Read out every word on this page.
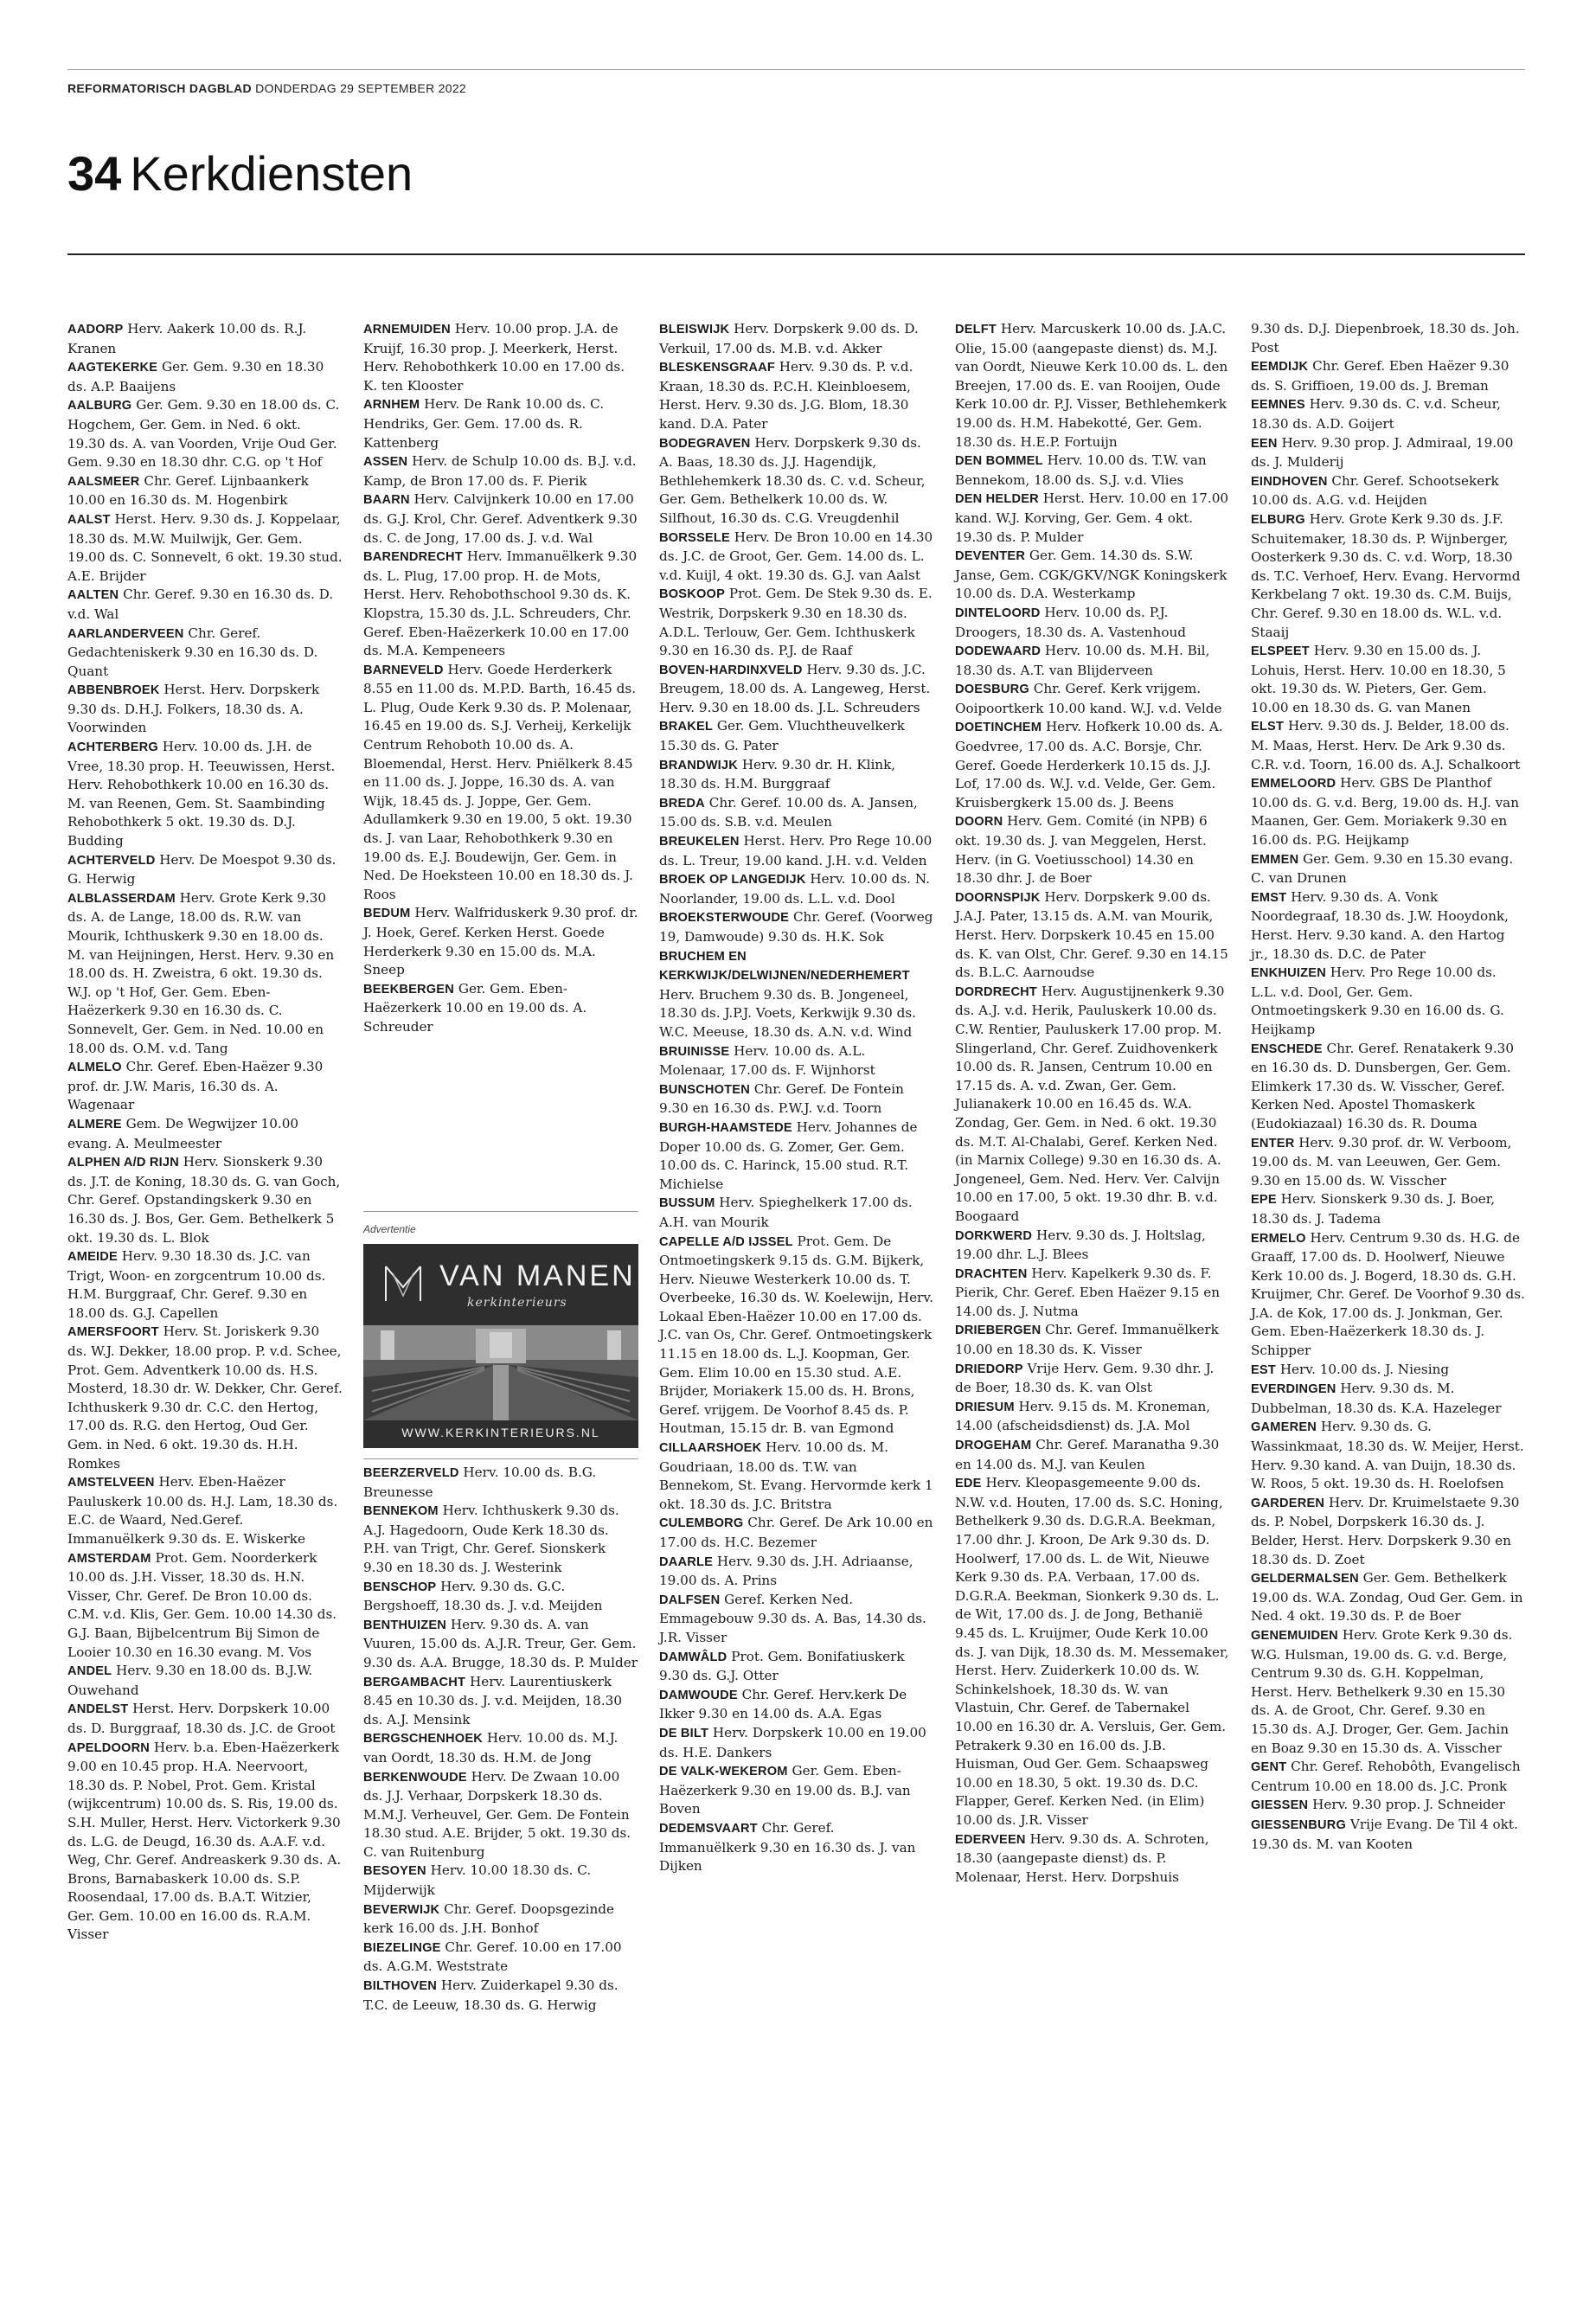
REFORMATORISCH DAGBLAD DONDERDAG 29 SEPTEMBER 2022
34 Kerkdiensten

AADORP Herv. Aakerk 10.00 ds. R.J. Kranen

AAGTEKERKE Ger. Gem. 9.30 en 18.30 ds. A.P. Baaijens

AALBURG Ger. Gem. 9.30 en 18.00 ds. C. Hogchem, Ger. Gem. in Ned. 6 okt. 19.30 ds. A. van Voorden, Vrije Oud Ger. Gem. 9.30 en 18.30 dhr. C.G. op 't Hof

AALSMEER Chr. Geref. Lijnbaankerk 10.00 en 16.30 ds. M. Hogenbirk

AALST Herst. Herv. 9.30 ds. J. Koppelaar, 18.30 ds. M.W. Muilwijk, Ger. Gem. 19.00 ds. C. Sonnevelt, 6 okt. 19.30 stud. A.E. Brijder

AALTEN Chr. Geref. 9.30 en 16.30 ds. D. v.d. Wal

AARLANDERVEEN Chr. Geref. Gedachteniskerk 9.30 en 16.30 ds. D. Quant

ABBENBROEK Herst. Herv. Dorpskerk 9.30 ds. D.H.J. Folkers, 18.30 ds. A. Voorwinden

ACHTERBERG Herv. 10.00 ds. J.H. de Vree, 18.30 prop. H. Teeuwissen, Herst. Herv. Rehobothkerk 10.00 en 16.30 ds. M. van Reenen, Gem. St. Saambinding Rehobothkerk 5 okt. 19.30 ds. D.J. Budding

ACHTERVELD Herv. De Moespot 9.30 ds. G. Herwig

ALBLASSERDAM Herv. Grote Kerk 9.30 ds. A. de Lange, 18.00 ds. R.W. van Mourik, Ichthuskerk 9.30 en 18.00 ds. M. van Heijningen, Herst. Herv. 9.30 en 18.00 ds. H. Zweistra, 6 okt. 19.30 ds. W.J. op 't Hof, Ger. Gem. Eben-Haëzerkerk 9.30 en 16.30 ds. C. Sonnevelt, Ger. Gem. in Ned. 10.00 en 18.00 ds. O.M. v.d. Tang

ALMELO Chr. Geref. Eben-Haëzer 9.30 prof. dr. J.W. Maris, 16.30 ds. A. Wagenaar

ALMERE Gem. De Wegwijzer 10.00 evang. A. Meulmeester

ALPHEN A/D RIJN Herv. Sionskerk 9.30 ds. J.T. de Koning, 18.30 ds. G. van Goch, Chr. Geref. Opstandingskerk 9.30 en 16.30 ds. J. Bos, Ger. Gem. Bethelkerk 5 okt. 19.30 ds. L. Blok

AMEIDE Herv. 9.30 18.30 ds. J.C. van Trigt, Woon- en zorgcentrum 10.00 ds. H.M. Burggraaf, Chr. Geref. 9.30 en 18.00 ds. G.J. Capellen

AMERSFOORT Herv. St. Joriskerk 9.30 ds. W.J. Dekker, 18.00 prop. P. v.d. Schee, Prot. Gem. Adventkerk 10.00 ds. H.S. Mosterd, 18.30 dr. W. Dekker, Chr. Geref. Ichthuskerk 9.30 dr. C.C. den Hertog, 17.00 ds. R.G. den Hertog, Oud Ger. Gem. in Ned. 6 okt. 19.30 ds. H.H. Romkes

AMSTELVEEN Herv. Eben-Haëzer Pauluskerk 10.00 ds. H.J. Lam, 18.30 ds. E.C. de Waard, Ned.Geref. Immanuëlkerk 9.30 ds. E. Wiskerke

AMSTERDAM Prot. Gem. Noorderkerk 10.00 ds. J.H. Visser, 18.30 ds. H.N. Visser, Chr. Geref. De Bron 10.00 ds. C.M. v.d. Klis, Ger. Gem. 10.00 14.30 ds. G.J. Baan, Bijbelcentrum Bij Simon de Looier 10.30 en 16.30 evang. M. Vos

ANDEL Herv. 9.30 en 18.00 ds. B.J.W. Ouwehand

ANDELST Herst. Herv. Dorpskerk 10.00 ds. D. Burggraaf, 18.30 ds. J.C. de Groot

APELDOORN Herv. b.a. Eben-Haëzerkerk 9.00 en 10.45 prop. H.A. Neervoort, 18.30 ds. P. Nobel, Prot. Gem. Kristal (wijkcentrum) 10.00 ds. S. Ris, 19.00 ds. S.H. Muller, Herst. Herv. Victorkerk 9.30 ds. L.G. de Deugd, 16.30 ds. A.A.F. v.d. Weg, Chr. Geref. Andreaskerk 9.30 ds. A. Brons, Barnabaskerk 10.00 ds. S.P. Roosendaal, 17.00 ds. B.A.T. Witzier, Ger. Gem. 10.00 en 16.00 ds. R.A.M. Visser

ARNEMUIDEN Herv. 10.00 prop. J.A. de Kruijf, 16.30 prop. J. Meerkerk, Herst. Herv. Rehobothkerk 10.00 en 17.00 ds. K. ten Klooster

ARNHEM Herv. De Rank 10.00 ds. C. Hendriks, Ger. Gem. 17.00 ds. R. Kattenberg

ASSEN Herv. de Schulp 10.00 ds. B.J. v.d. Kamp, de Bron 17.00 ds. F. Pierik

BAARN Herv. Calvijnkerk 10.00 en 17.00 ds. G.J. Krol, Chr. Geref. Adventkerk 9.30 ds. C. de Jong, 17.00 ds. J. v.d. Wal

BARENDRECHT Herv. Immanuëlkerk 9.30 ds. L. Plug, 17.00 prop. H. de Mots, Herst. Herv. Rehobothschool 9.30 ds. K. Klopstra, 15.30 ds. J.L. Schreuders, Chr. Geref. Eben-Haëzerkerk 10.00 en 17.00 ds. M.A. Kempeneers

BARNEVELD Herv. Goede Herderkerk 8.55 en 11.00 ds. M.P.D. Barth, 16.45 ds. L. Plug, Oude Kerk 9.30 ds. P. Molenaar, 16.45 en 19.00 ds. S.J. Verheij, Kerkelijk Centrum Rehoboth 10.00 ds. A. Bloemendal, Herst. Herv. Pniëlkerk 8.45 en 11.00 ds. J. Joppe, 16.30 ds. A. van Wijk, 18.45 ds. J. Joppe, Ger. Gem. Adullamkerk 9.30 en 19.00, 5 okt. 19.30 ds. J. van Laar, Rehobothkerk 9.30 en 19.00 ds. E.J. Boudewijn, Ger. Gem. in Ned. De Hoeksteen 10.00 en 18.30 ds. J. Roos

BEDUM Herv. Walfriduskerk 9.30 prof. dr. J. Hoek, Geref. Kerken Herst. Goede Herderkerk 9.30 en 15.00 ds. M.A. Sneep

BEEKBERGEN Ger. Gem. Eben-Haëzerkerk 10.00 en 19.00 ds. A. Schreuder

BLEISWIJK Herv. Dorpskerk 9.00 ds. D. Verkuil, 17.00 ds. M.B. v.d. Akker

BLESKENSGRAAF Herv. 9.30 ds. P. v.d. Kraan, 18.30 ds. P.C.H. Kleinbloesem, Herst. Herv. 9.30 ds. J.G. Blom, 18.30 kand. D.A. Pater

BODEGRAVEN Herv. Dorpskerk 9.30 ds. A. Baas, 18.30 ds. J.J. Hagendijk, Bethlehemkerk 18.30 ds. C. v.d. Scheur, Ger. Gem. Bethelkerk 10.00 ds. W. Silfhout, 16.30 ds. C.G. Vreugdenhil

BORSSELE Herv. De Bron 10.00 en 14.30 ds. J.C. de Groot, Ger. Gem. 14.00 ds. L. v.d. Kuijl, 4 okt. 19.30 ds. G.J. van Aalst

BOSKOOP Prot. Gem. De Stek 9.30 ds. E. Westrik, Dorpskerk 9.30 en 18.30 ds. A.D.L. Terlouw, Ger. Gem. Ichthuskerk 9.30 en 16.30 ds. P.J. de Raaf

BOVEN-HARDINXVELD Herv. 9.30 ds. J.C. Breugem, 18.00 ds. A. Langeweg, Herst. Herv. 9.30 en 18.00 ds. J.L. Schreuders

BRAKEL Ger. Gem. Vluchtheuvelkerk 15.30 ds. G. Pater

BRANDWIJK Herv. 9.30 dr. H. Klink, 18.30 ds. H.M. Burggraaf

BREDA Chr. Geref. 10.00 ds. A. Jansen, 15.00 ds. S.B. v.d. Meulen

BREUKELEN Herst. Herv. Pro Rege 10.00 ds. L. Treur, 19.00 kand. J.H. v.d. Velden

BROEK OP LANGEDIJK Herv. 10.00 ds. N. Noorlander, 19.00 ds. L.L. v.d. Dool

BROEKSTERWOUDE Chr. Geref. (Voorweg 19, Damwoude) 9.30 ds. H.K. Sok

BRUCHEM EN KERKWIJK/DELWIJNEN/NEDERHEMERT Herv. Bruchem 9.30 ds. B. Jongeneel, 18.30 ds. J.P.J. Voets, Kerkwijk 9.30 ds. W.C. Meeuse, 18.30 ds. A.N. v.d. Wind

BRUINISSE Herv. 10.00 ds. A.L. Molenaar, 17.00 ds. F. Wijnhorst

BUNSCHOTEN Chr. Geref. De Fontein 9.30 en 16.30 ds. P.W.J. v.d. Toorn

BURGH-HAAMSTEDE Herv. Johannes de Doper 10.00 ds. G. Zomer, Ger. Gem. 10.00 ds. C. Harinck, 15.00 stud. R.T. Michielse

BUSSUM Herv. Spieghelkerk 17.00 ds. A.H. van Mourik

CAPELLE A/D IJSSEL Prot. Gem. De Ontmoetingskerk 9.15 ds. G.M. Bijkerk, Herv. Nieuwe Westerkerk 10.00 ds. T. Overbeeke, 16.30 ds. W. Koelewijn, Herv. Lokaal Eben-Haëzer 10.00 en 17.00 ds. J.C. van Os, Chr. Geref. Ontmoetingskerk 11.15 en 18.00 ds. L.J. Koopman, Ger. Gem. Elim 10.00 en 15.30 stud. A.E. Brijder, Moriakerk 15.00 ds. H. Brons, Geref. vrijgem. De Voorhof 8.45 ds. P. Houtman, 15.15 dr. B. van Egmond

CILLAARSHOEK Herv. 10.00 ds. M. Goudriaan, 18.00 ds. T.W. van Bennekom, St. Evang. Hervormde kerk 1 okt. 18.30 ds. J.C. Britstra

CULEMBORG Chr. Geref. De Ark 10.00 en 17.00 ds. H.C. Bezemer

DAARLE Herv. 9.30 ds. J.H. Adriaanse, 19.00 ds. A. Prins

DALFSEN Geref. Kerken Ned. Emmagebouw 9.30 ds. A. Bas, 14.30 ds. J.R. Visser

DAMWÂLD Prot. Gem. Bonifatiuskerk 9.30 ds. G.J. Otter

DAMWOUDE Chr. Geref. Herv.kerk De Ikker 9.30 en 14.00 ds. A.A. Egas

DE BILT Herv. Dorpskerk 10.00 en 19.00 ds. H.E. Dankers

DE VALK-WEKEROM Ger. Gem. Eben-Haëzerkerk 9.30 en 19.00 ds. B.J. van Boven

DEDEMSVAART Chr. Geref. Immanuëlkerk 9.30 en 16.30 ds. J. van Dijken

DELFT Herv. Marcuskerk 10.00 ds. J.A.C. Olie, 15.00 (aangepaste dienst) ds. M.J. van Oordt, Nieuwe Kerk 10.00 ds. L. den Breejen, 17.00 ds. E. van Rooijen, Oude Kerk 10.00 dr. P.J. Visser, Bethlehemkerk 19.00 ds. H.M. Habekotté, Ger. Gem. 18.30 ds. H.E.P. Fortuijn

DEN BOMMEL Herv. 10.00 ds. T.W. van Bennekom, 18.00 ds. S.J. v.d. Vlies

DEN HELDER Herst. Herv. 10.00 en 17.00 kand. W.J. Korving, Ger. Gem. 4 okt. 19.30 ds. P. Mulder

DEVENTER Ger. Gem. 14.30 ds. S.W. Janse, Gem. CGK/GKV/NGK Koningskerk 10.00 ds. D.A. Westerkamp

DINTELOORD Herv. 10.00 ds. P.J. Droogers, 18.30 ds. A. Vastenhoud

DODEWAARD Herv. 10.00 ds. M.H. Bil, 18.30 ds. A.T. van Blijderveen

DOESBURG Chr. Geref. Kerk vrijgem. Ooipoortkerk 10.00 kand. W.J. v.d. Velde

DOETINCHEM Herv. Hofkerk 10.00 ds. A. Goedvree, 17.00 ds. A.C. Borsje, Chr. Geref. Goede Herderkerk 10.15 ds. J.J. Lof, 17.00 ds. W.J. v.d. Velde, Ger. Gem. Kruisbergkerk 15.00 ds. J. Beens

DOORN Herv. Gem. Comité (in NPB) 6 okt. 19.30 ds. J. van Meggelen, Herst. Herv. (in G. Voetiusschool) 14.30 en 18.30 dhr. J. de Boer

DOORNSPIJK Herv. Dorpskerk 9.00 ds. J.A.J. Pater, 13.15 ds. A.M. van Mourik, Herst. Herv. Dorpskerk 10.45 en 15.00 ds. K. van Olst, Chr. Geref. 9.30 en 14.15 ds. B.L.C. Aarnoudse

DORDRECHT Herv. Augustijnenkerk 9.30 ds. A.J. v.d. Herik, Pauluskerk 10.00 ds. C.W. Rentier, Pauluskerk 17.00 prop. M. Slingerland, Chr. Geref. Zuidhovenkerk 10.00 ds. R. Jansen, Centrum 10.00 en 17.15 ds. A. v.d. Zwan, Ger. Gem. Julianakerk 10.00 en 16.45 ds. W.A. Zondag, Ger. Gem. in Ned. 6 okt. 19.30 ds. M.T. Al-Chalabi, Geref. Kerken Ned. (in Marnix College) 9.30 en 16.30 ds. A. Jongeneel, Gem. Ned. Herv. Ver. Calvijn 10.00 en 17.00, 5 okt. 19.30 dhr. B. v.d. Boogaard

DORKWERD Herv. 9.30 ds. J. Holtslag, 19.00 dhr. L.J. Blees

DRACHTEN Herv. Kapelkerk 9.30 ds. F. Pierik, Chr. Geref. Eben Haëzer 9.15 en 14.00 ds. J. Nutma

DRIEBERGEN Chr. Geref. Immanuëlkerk 10.00 en 18.30 ds. K. Visser

DRIEDORP Vrije Herv. Gem. 9.30 dhr. J. de Boer, 18.30 ds. K. van Olst

DRIESUM Herv. 9.15 ds. M. Kroneman, 14.00 (afscheidsdienst) ds. J.A. Mol

DROGEHAM Chr. Geref. Maranatha 9.30 en 14.00 ds. M.J. van Keulen

EDE Herv. Kleopasgemeente 9.00 ds. N.W. v.d. Houten, 17.00 ds. S.C. Honing, Bethelkerk 9.30 ds. D.G.R.A. Beekman, 17.00 dhr. J. Kroon, De Ark 9.30 ds. D. Hoolwerf, 17.00 ds. L. de Wit, Nieuwe Kerk 9.30 ds. P.A. Verbaan, 17.00 ds. D.G.R.A. Beekman, Sionkerk 9.30 ds. L. de Wit, 17.00 ds. J. de Jong, Bethanië 9.45 ds. L. Kruijmer, Oude Kerk 10.00 ds. J. van Dijk, 18.30 ds. M. Messemaker, Herst. Herv. Zuiderkerk 10.00 ds. W. Schinkelshoek, 18.30 ds. W. van Vlastuin, Chr. Geref. de Tabernakel 10.00 en 16.30 dr. A. Versluis, Ger. Gem. Petrakerk 9.30 en 16.00 ds. J.B. Huisman, Oud Ger. Gem. Schaapsweg 10.00 en 18.30, 5 okt. 19.30 ds. D.C. Flapper, Geref. Kerken Ned. (in Elim) 10.00 ds. J.R. Visser

EDERVEEN Herv. 9.30 ds. A. Schroten, 18.30 (aangepaste dienst) ds. P. Molenaar, Herst. Herv. Dorpshuis

9.30 ds. D.J. Diepenbroek, 18.30 ds. Joh. Post

EEMDIJK Chr. Geref. Eben Haëzer 9.30 ds. S. Griffioen, 19.00 ds. J. Breman

EEMNES Herv. 9.30 ds. C. v.d. Scheur, 18.30 ds. A.D. Goijert

EEN Herv. 9.30 prop. J. Admiraal, 19.00 ds. J. Mulderij

EINDHOVEN Chr. Geref. Schootsekerk 10.00 ds. A.G. v.d. Heijden

ELBURG Herv. Grote Kerk 9.30 ds. J.F. Schuitemaker, 18.30 ds. P. Wijnberger, Oosterkerk 9.30 ds. C. v.d. Worp, 18.30 ds. T.C. Verhoef, Herv. Evang. Hervormd Kerkbelang 7 okt. 19.30 ds. C.M. Buijs, Chr. Geref. 9.30 en 18.00 ds. W.L. v.d. Staaij

ELSPEET Herv. 9.30 en 15.00 ds. J. Lohuis, Herst. Herv. 10.00 en 18.30, 5 okt. 19.30 ds. W. Pieters, Ger. Gem. 10.00 en 18.30 ds. G. van Manen

ELST Herv. 9.30 ds. J. Belder, 18.00 ds. M. Maas, Herst. Herv. De Ark 9.30 ds. C.R. v.d. Toorn, 16.00 ds. A.J. Schalkoort

EMMELOORD Herv. GBS De Planthof 10.00 ds. G. v.d. Berg, 19.00 ds. H.J. van Maanen, Ger. Gem. Moriakerk 9.30 en 16.00 ds. P.G. Heijkamp

EMMEN Ger. Gem. 9.30 en 15.30 evang. C. van Drunen

EMST Herv. 9.30 ds. A. Vonk Noordegraaf, 18.30 ds. J.W. Hooydonk, Herst. Herv. 9.30 kand. A. den Hartog jr., 18.30 ds. D.C. de Pater

ENKHUIZEN Herv. Pro Rege 10.00 ds. L.L. v.d. Dool, Ger. Gem. Ontmoetingskerk 9.30 en 16.00 ds. G. Heijkamp

ENSCHEDE Chr. Geref. Renatakerk 9.30 en 16.30 ds. D. Dunsbergen, Ger. Gem. Elimkerk 17.30 ds. W. Visscher, Geref. Kerken Ned. Apostel Thomaskerk (Eudokiazaal) 16.30 ds. R. Douma

ENTER Herv. 9.30 prof. dr. W. Verboom, 19.00 ds. M. van Leeuwen, Ger. Gem. 9.30 en 15.00 ds. W. Visscher

EPE Herv. Sionskerk 9.30 ds. J. Boer, 18.30 ds. J. Tadema

ERMELO Herv. Centrum 9.30 ds. H.G. de Graaff, 17.00 ds. D. Hoolwerf, Nieuwe Kerk 10.00 ds. J. Bogerd, 18.30 ds. G.H. Kruijmer, Chr. Geref. De Voorhof 9.30 ds. J.A. de Kok, 17.00 ds. J. Jonkman, Ger. Gem. Eben-Haëzerkerk 18.30 ds. J. Schipper

EST Herv. 10.00 ds. J. Niesing

EVERDINGEN Herv. 9.30 ds. M. Dubbelman, 18.30 ds. K.A. Hazeleger

GAMEREN Herv. 9.30 ds. G. Wassinkmaat, 18.30 ds. W. Meijer, Herst. Herv. 9.30 kand. A. van Duijn, 18.30 ds. W. Roos, 5 okt. 19.30 ds. H. Roelofsen

GARDEREN Herv. Dr. Kruimelstaete 9.30 ds. P. Nobel, Dorpskerk 16.30 ds. J. Belder, Herst. Herv. Dorpskerk 9.30 en 18.30 ds. D. Zoet

GELDERMALSEN Ger. Gem. Bethelkerk 19.00 ds. W.A. Zondag, Oud Ger. Gem. in Ned. 4 okt. 19.30 ds. P. de Boer

GENEMUIDEN Herv. Grote Kerk 9.30 ds. W.G. Hulsman, 19.00 ds. G. v.d. Berge, Centrum 9.30 ds. G.H. Koppelman, Herst. Herv. Bethelkerk 9.30 en 15.30 ds. A. de Groot, Chr. Geref. 9.30 en 15.30 ds. A.J. Droger, Ger. Gem. Jachin en Boaz 9.30 en 15.30 ds. A. Visscher

GENT Chr. Geref. Rehobôth, Evangelisch Centrum 10.00 en 18.00 ds. J.C. Pronk

GIESSEN Herv. 9.30 prop. J. Schneider

GIESSENBURG Vrije Evang. De Til 4 okt. 19.30 ds. M. van Kooten

BEERZERVELD Herv. 10.00 ds. B.G. Breunesse

BENNEKOM Herv. Ichthuskerk 9.30 ds. A.J. Hagedoorn, Oude Kerk 18.30 ds. P.H. van Trigt, Chr. Geref. Sionskerk 9.30 en 18.30 ds. J. Westerink

BENSCHOP Herv. 9.30 ds. G.C. Bergshoeff, 18.30 ds. J. v.d. Meijden

BENTHUIZEN Herv. 9.30 ds. A. van Vuuren, 15.00 ds. A.J.R. Treur, Ger. Gem. 9.30 ds. A.A. Brugge, 18.30 ds. P. Mulder

BERGAMBACHT Herv. Laurentiuskerk 8.45 en 10.30 ds. J. v.d. Meijden, 18.30 ds. A.J. Mensink

BERGSCHENHOEK Herv. 10.00 ds. M.J. van Oordt, 18.30 ds. H.M. de Jong

BERKENWOUDE Herv. De Zwaan 10.00 ds. J.J. Verhaar, Dorpskerk 18.30 ds. M.M.J. Verheuvel, Ger. Gem. De Fontein 18.30 stud. A.E. Brijder, 5 okt. 19.30 ds. C. van Ruitenburg

BESOYEN Herv. 10.00 18.30 ds. C. Mijderwijk

BEVERWIJK Chr. Geref. Doopsgezinde kerk 16.00 ds. J.H. Bonhof

BIEZELINGE Chr. Geref. 10.00 en 17.00 ds. A.G.M. Weststrate

BILTHOVEN Herv. Zuiderkapel 9.30 ds. T.C. de Leeuw, 18.30 ds. G. Herwig

Advertentie
VAN MANEN
kerkinterieurs
WWW.KERKINTERIEURS.NL
